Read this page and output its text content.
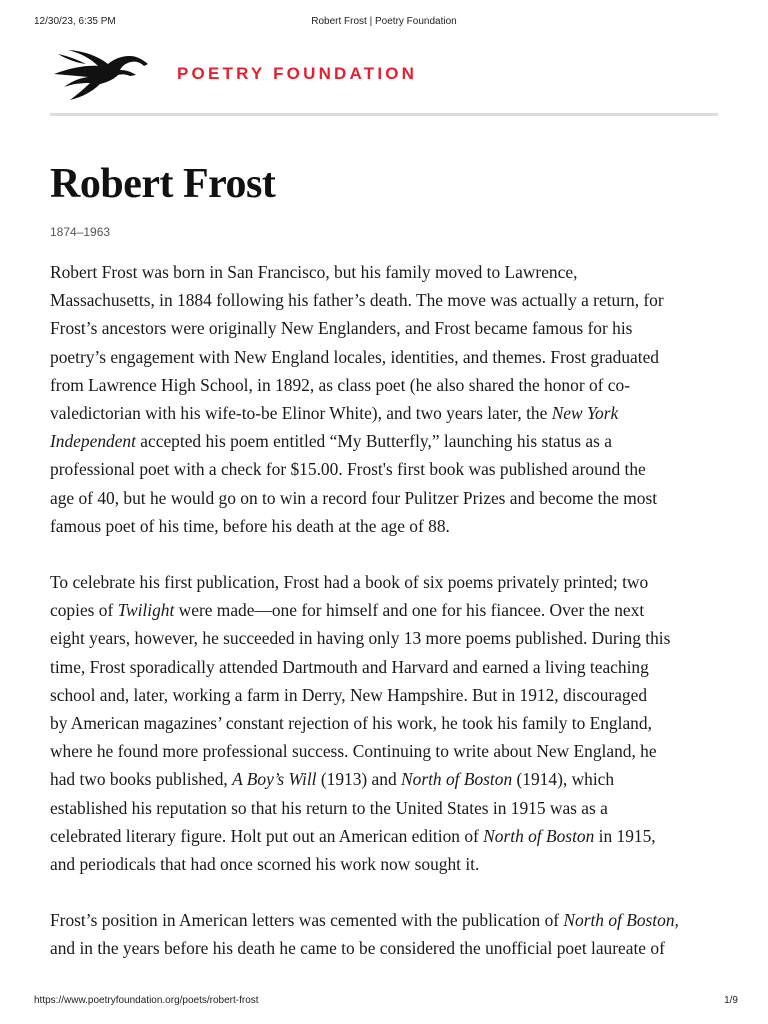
12/30/23, 6:35 PM	Robert Frost | Poetry Foundation
POETRY FOUNDATION
Robert Frost
1874–1963

Robert Frost was born in San Francisco, but his family moved to Lawrence,
Massachusetts, in 1884 following his father’s death. The move was actually a return, for
Frost’s ancestors were originally New Englanders, and Frost became famous for his
poetry’s engagement with New England locales, identities, and themes. Frost graduated
from Lawrence High School, in 1892, as class poet (he also shared the honor of co-
valedictorian with his wife-to-be Elinor White), and two years later, the New York
Independent accepted his poem entitled “My Butterfly,” launching his status as a
professional poet with a check for $15.00. Frost's first book was published around the
age of 40, but he would go on to win a record four Pulitzer Prizes and become the most
famous poet of his time, before his death at the age of 88.

To celebrate his first publication, Frost had a book of six poems privately printed; two
copies of Twilight were made—one for himself and one for his fiancee. Over the next
eight years, however, he succeeded in having only 13 more poems published. During this
time, Frost sporadically attended Dartmouth and Harvard and earned a living teaching
school and, later, working a farm in Derry, New Hampshire. But in 1912, discouraged
by American magazines’ constant rejection of his work, he took his family to England,
where he found more professional success. Continuing to write about New England, he
had two books published, A Boy’s Will (1913) and North of Boston (1914), which
established his reputation so that his return to the United States in 1915 was as a
celebrated literary figure. Holt put out an American edition of North of Boston in 1915,
and periodicals that had once scorned his work now sought it.

Frost’s position in American letters was cemented with the publication of North of Boston,
and in the years before his death he came to be considered the unofficial poet laureate of

https://www.poetryfoundation.org/poets/robert-frost	1/9
